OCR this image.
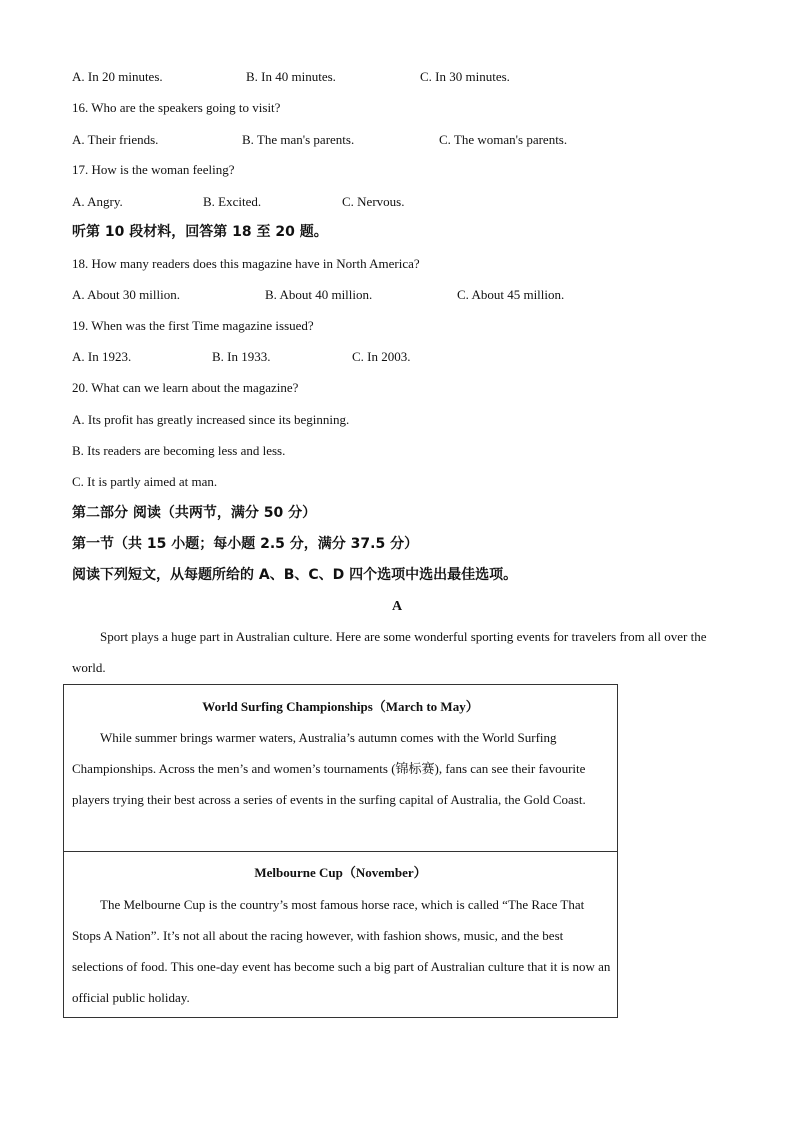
A. In 20 minutes.	B. In 40 minutes.	C. In 30 minutes.
16. Who are the speakers going to visit?
A. Their friends.	B. The man's parents.	C. The woman's parents.
17. How is the woman feeling?
A. Angry.	B. Excited.	C. Nervous.
听第 10 段材料，回答第 18 至 20 题。
18. How many readers does this magazine have in North America?
A. About 30 million.	B. About 40 million.	C. About 45 million.
19. When was the first Time magazine issued?
A. In 1923.	B. In 1933.	C. In 2003.
20. What can we learn about the magazine?
A. Its profit has greatly increased since its beginning.
B. Its readers are becoming less and less.
C. It is partly aimed at man.
第二部分 阅读（共两节，满分 50 分）
第一节（共 15 小题；每小题 2.5 分，满分 37.5 分）
阅读下列短文，从每题所给的 A、B、C、D 四个选项中选出最佳选项。
A
Sport plays a huge part in Australian culture. Here are some wonderful sporting events for travelers from all over the world.
World Surfing Championships（March to May）
While summer brings warmer waters, Australia’s autumn comes with the World Surfing Championships. Across the men’s and women’s tournaments (锦标赛), fans can see their favourite players trying their best across a series of events in the surfing capital of Australia, the Gold Coast.
Melbourne Cup（November）
The Melbourne Cup is the country’s most famous horse race, which is called “The Race That Stops A Nation”. It’s not all about the racing however, with fashion shows, music, and the best selections of food. This one-day event has become such a big part of Australian culture that it is now an official public holiday.
